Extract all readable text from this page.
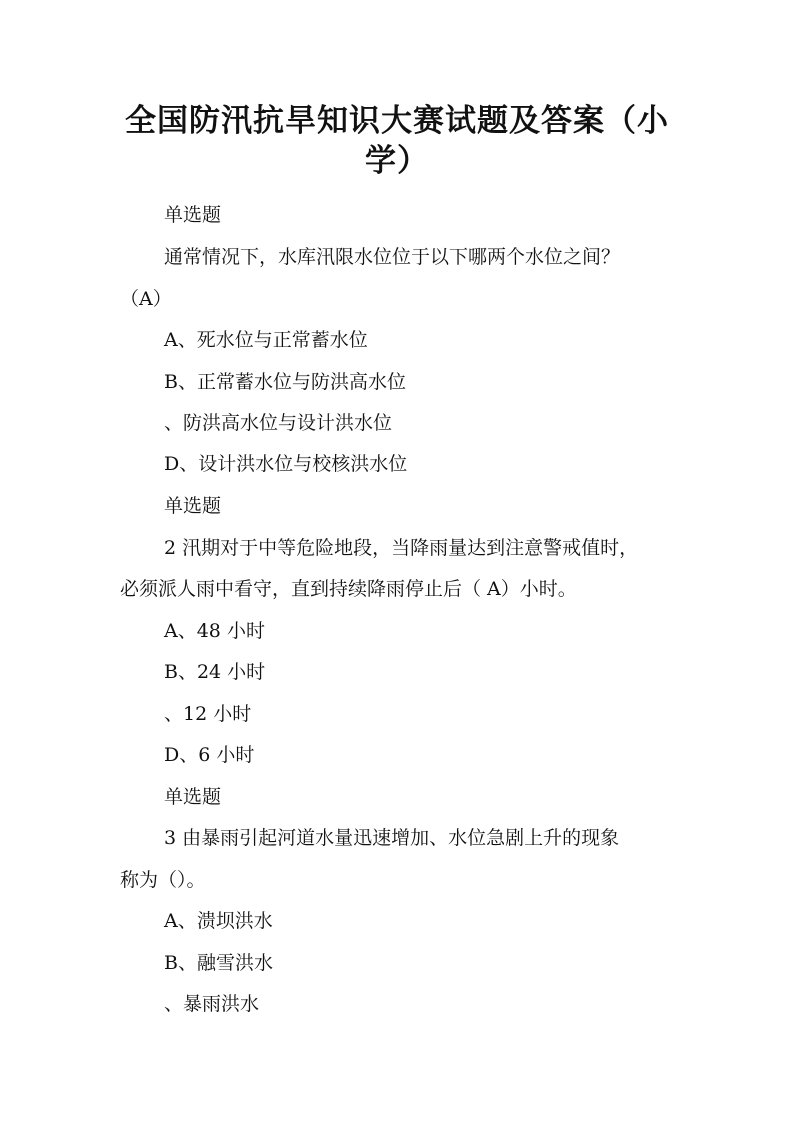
全国防汛抗旱知识大赛试题及答案（小
学）

单选题

通常情况下，水库汛限水位位于以下哪两个水位之间？

（A）

A、死水位与正常蓄水位

B、正常蓄水位与防洪高水位

、防洪高水位与设计洪水位

D、设计洪水位与校核洪水位

单选题

2 汛期对于中等危险地段，当降雨量达到注意警戒值时，

必须派人雨中看守，直到持续降雨停止后（ A）小时。

A、48 小时

B、24 小时

、12 小时

D、6 小时

单选题

3 由暴雨引起河道水量迅速增加、水位急剧上升的现象

称为（）。

A、溃坝洪水

B、融雪洪水

、暴雨洪水
